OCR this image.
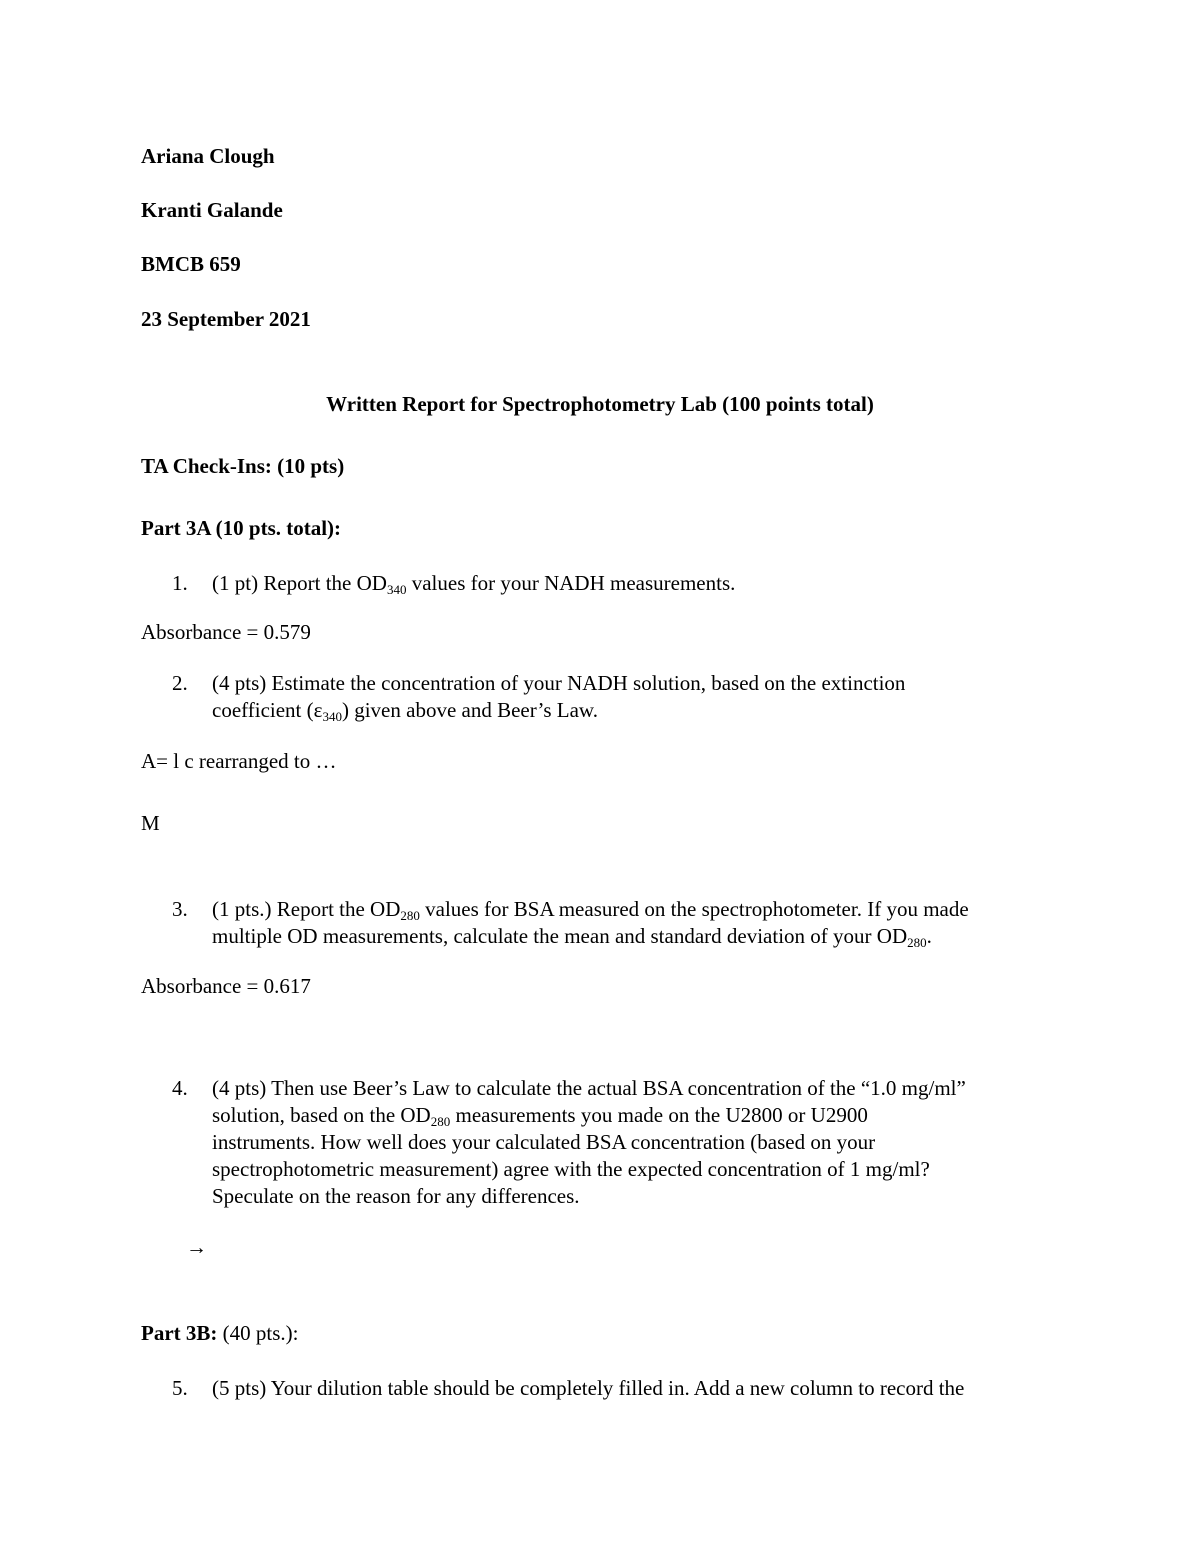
Ariana Clough

Kranti Galande

BMCB 659

23 September 2021

Written Report for Spectrophotometry Lab (100 points total)

TA Check-Ins: (10 pts)

Part 3A (10 pts. total):

1. (1 pt) Report the $OD_{340}$ values for your NADH measurements.

Absorbance = 0.579

2. (4 pts) Estimate the concentration of your NADH solution, based on the extinction

coefficient $(\varepsilon_{340})$ given above and Beer’s Law.

A= l c rearranged to …

M

3. (1 pts.) Report the $OD_{280}$ values for BSA measured on the spectrophotometer. If you made

multiple OD measurements, calculate the mean and standard deviation of your $OD_{280}$.

Absorbance = 0.617

4. (4 pts) Then use Beer’s Law to calculate the actual BSA concentration of the “1.0 mg/ml”

solution, based on the $OD_{280}$ measurements you made on the U2800 or U2900

instruments. How well does your calculated BSA concentration (based on your

spectrophotometric measurement) agree with the expected concentration of 1 mg/ml?

Speculate on the reason for any differences.

→

Part 3B: (40 pts.):

5. (5 pts) Your dilution table should be completely filled in. Add a new column to record the
